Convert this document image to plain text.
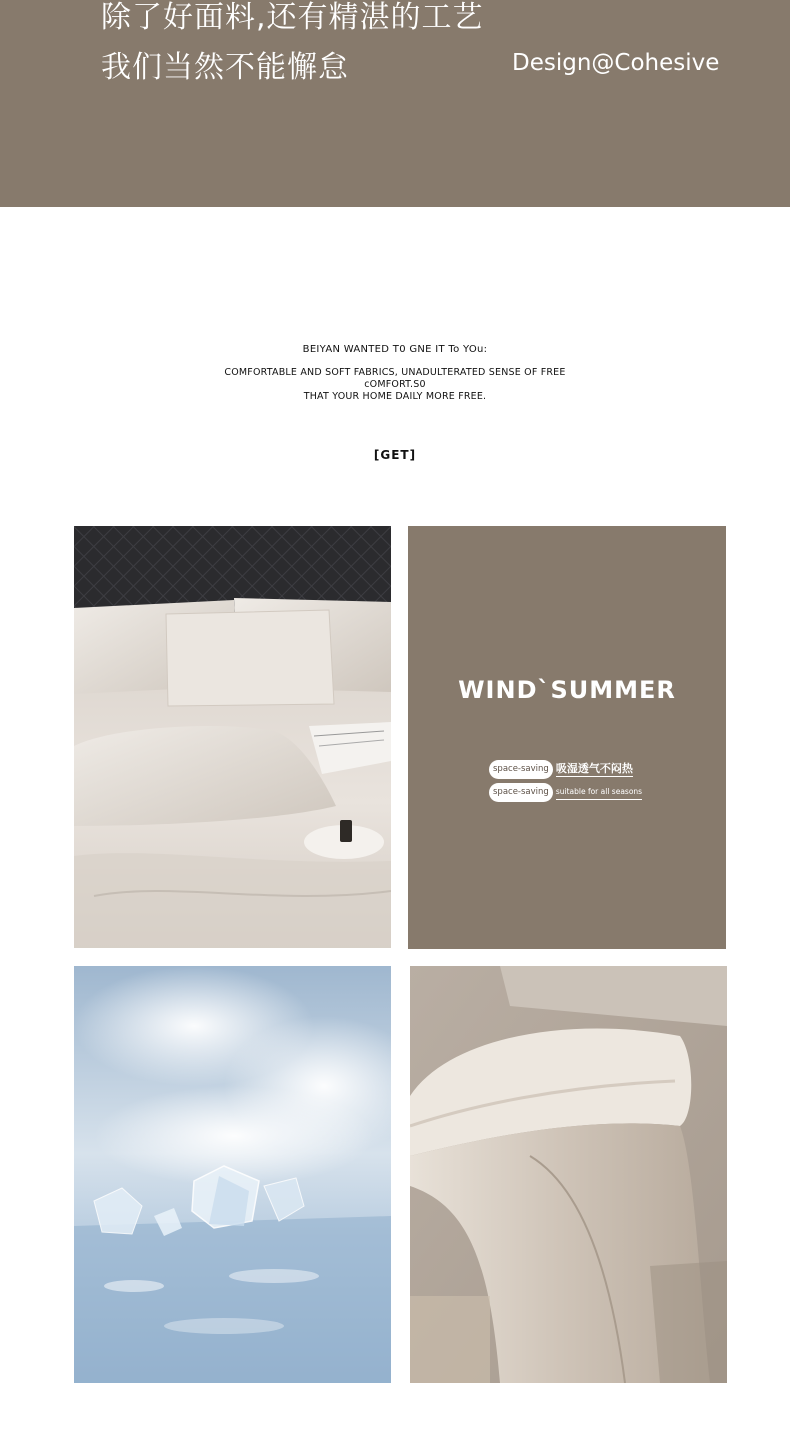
除了好面料,还有精湛的工艺
我们当然不能懈怠	Design@Cohesive
BEIYAN WANTED T0 GNE IT To YOu:
COMFORTABLE AND SOFT FABRICS, UNADULTERATED SENSE OF FREE
cOMFORT.S0
THAT YOUR HOME DAILY MORE FREE.
[GET]
WIND`SUMMER
space-saving 吸湿透气不闷热
space-saving suitable for all seasons
